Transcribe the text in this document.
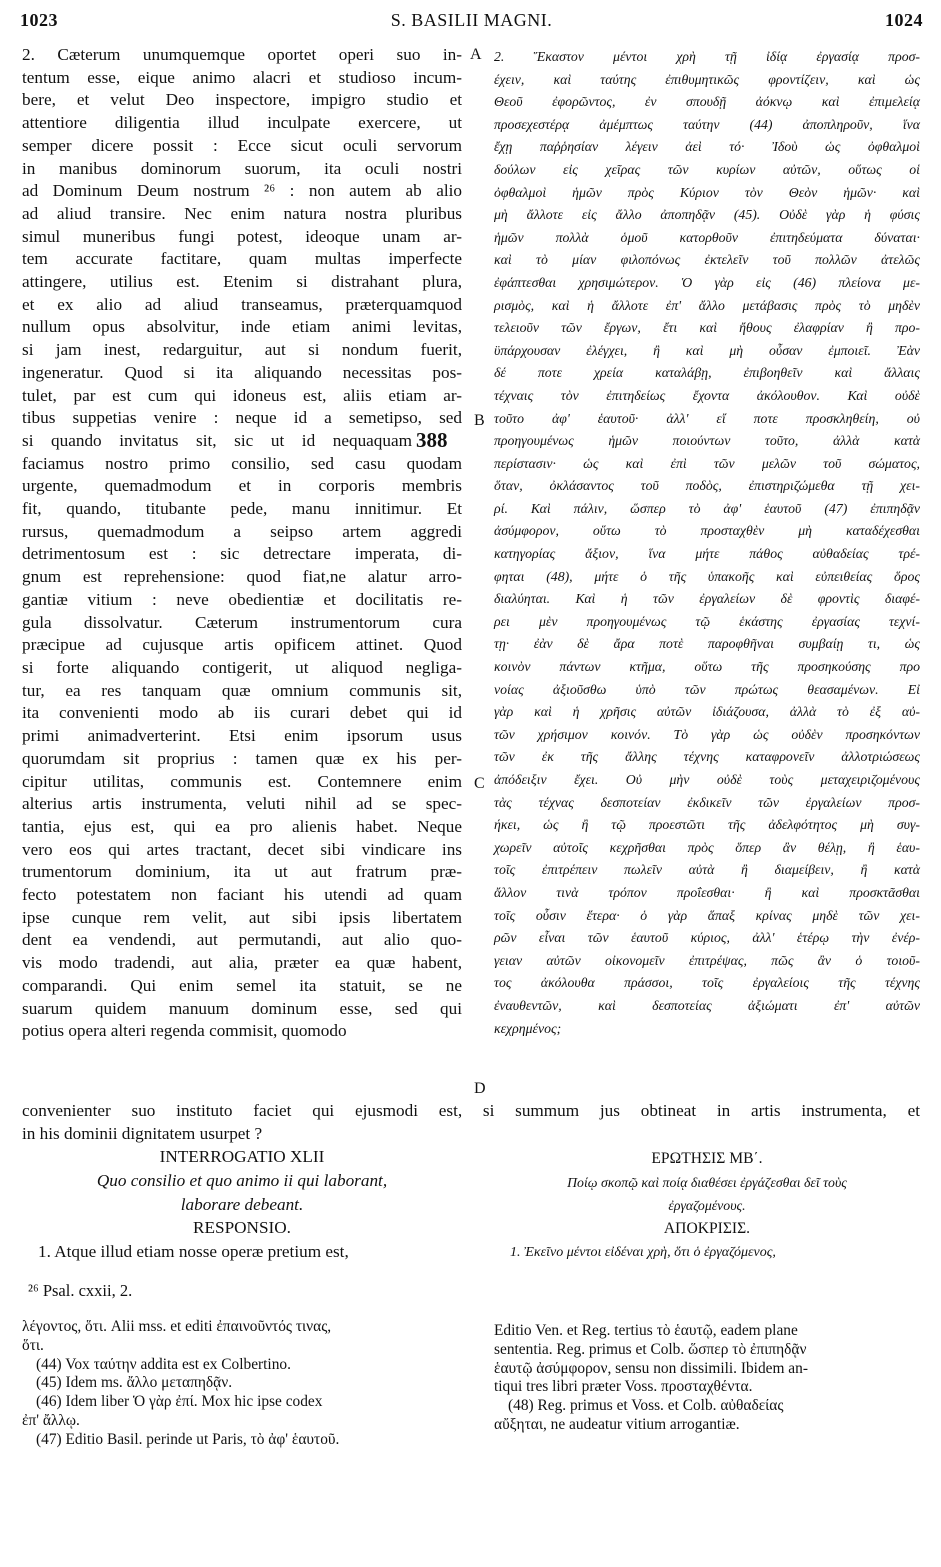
1023	S. BASILII MAGNI.	1024
A
B
C
D
2. Cæterum unumquemque oportet operi suo in-
tentum esse, eique animo alacri et studioso incum-
bere, et velut Deo inspectore, impigro studio et
attentiore diligentia illud inculpate exercere, ut
semper dicere possit : Ecce sicut oculi servorum
in manibus dominorum suorum, ita oculi nostri
ad Dominum Deum nostrum ²⁶ : non autem ab alio
ad aliud transire. Nec enim natura nostra pluribus
simul muneribus fungi potest, ideoque unam ar-
tem accurate factitare, quam multas imperfecte
attingere, utilius est. Etenim si distrahant plura,
et ex alio ad aliud transeamus, præterquamquod
nullum opus absolvitur, inde etiam animi levitas,
si jam inest, redarguitur, aut si nondum fuerit,
ingeneratur. Quod si ita aliquando necessitas pos-
tulet, par est cum qui idoneus est, aliis etiam ar-
tibus suppetias venire : neque id a semetipso, sed
si quando invitatus sit, sic ut id nequaquam
faciamus nostro primo consilio, sed casu quodam
urgente, quemadmodum et in corporis membris
fit, quando, titubante pede, manu innitimur. Et
rursus, quemadmodum a seipso artem aggredi
detrimentosum est : sic detrectare imperata, di-
gnum est reprehensione: quod fiat,ne alatur arro-
gantiæ vitium : neve obedientiæ et docilitatis re-
gula dissolvatur. Cæterum instrumentorum cura
præcipue ad cujusque artis opificem attinet. Quod
si forte aliquando contigerit, ut aliquod negliga-
tur, ea res tanquam quæ omnium communis sit,
ita convenienti modo ab iis curari debet qui id
primi animadverterint. Etsi enim ipsorum usus
quorumdam sit proprius : tamen quæ ex his per-
cipitur utilitas, communis est. Contemnere enim
alterius artis instrumenta, veluti nihil ad se spec-
tantia, ejus est, qui ea pro alienis habet. Neque
vero eos qui artes tractant, decet sibi vindicare ins
trumentorum dominium, ita ut aut fratrum præ-
fecto potestatem non faciant his utendi ad quam
ipse cunque rem velit, aut sibi ipsis libertatem
dent ea vendendi, aut permutandi, aut alio quo-
vis modo tradendi, aut alia, præter ea quæ habent,
comparandi. Qui enim semel ita statuit, se ne
suarum quidem manuum dominum esse, sed qui
potius opera alteri regenda commisit, quomodo
388
2. Ἕκαστον μέντοι χρὴ τῇ ἰδίᾳ ἐργασίᾳ προσ-
έχειν, καὶ ταύτης ἐπιθυμητικῶς φροντίζειν, καὶ ὡς
Θεοῦ ἐφορῶντος, ἐν σπουδῇ ἀόκνῳ καὶ ἐπιμελείᾳ
προσεχεστέρᾳ ἀμέμπτως ταύτην (44) ἀποπληροῦν, ἵνα
ἔχῃ παῤῥησίαν λέγειν ἀεὶ τό· Ἰδοὺ ὡς ὀφθαλμοὶ
δούλων εἰς χεῖρας τῶν κυρίων αὐτῶν, οὕτως οἱ
ὀφθαλμοὶ ἡμῶν πρὸς Κύριον τὸν Θεὸν ἡμῶν· καὶ
μὴ ἄλλοτε εἰς ἄλλο ἀποπηδᾷν (45). Οὐδὲ γὰρ ἡ φύσις
ἡμῶν πολλὰ ὁμοῦ κατορθοῦν ἐπιτηδεύματα δύναται·
καὶ τὸ μίαν φιλοπόνως ἐκτελεῖν τοῦ πολλῶν ἀτελῶς
ἐφάπτεσθαι χρησιμώτερον. Ὁ γὰρ εἰς (46) πλείονα με-
ρισμὸς, καὶ ἡ ἄλλοτε ἐπ' ἄλλο μετάβασις πρὸς τὸ μηδὲν
τελειοῦν τῶν ἔργων, ἔτι καὶ ἤθους ἐλαφρίαν ἢ προ-
ϋπάρχουσαν ἐλέγχει, ἢ καὶ μὴ οὖσαν ἐμποιεῖ. Ἐὰν
δέ ποτε χρεία καταλάβῃ, ἐπιβοηθεῖν καὶ ἄλλαις
τέχναις τὸν ἐπιτηδείως ἔχοντα ἀκόλουθον. Καὶ οὐδὲ
τοῦτο ἀφ' ἑαυτοῦ· ἀλλ' εἴ ποτε προσκληθείη, οὐ
προηγουμένως ἡμῶν ποιούντων τοῦτο, ἀλλὰ κατὰ
περίστασιν· ὡς καὶ ἐπὶ τῶν μελῶν τοῦ σώματος,
ὅταν, ὀκλάσαντος τοῦ ποδὸς, ἐπιστηριζώμεθα τῇ χει-
ρί. Καὶ πάλιν, ὥσπερ τὸ ἀφ' ἑαυτοῦ (47) ἐπιπηδᾷν
ἀσύμφορον, οὕτω τὸ προσταχθὲν μὴ καταδέχεσθαι
κατηγορίας ἄξιον, ἵνα μήτε πάθος αὐθαδείας τρέ-
φηται (48), μήτε ὁ τῆς ὑπακοῆς καὶ εὐπειθείας ὅρος
διαλύηται. Καὶ ἡ τῶν ἐργαλείων δὲ φροντὶς διαφέ-
ρει μὲν προηγουμένως τῷ ἑκάστης ἐργασίας τεχνί-
τῃ· ἐὰν δὲ ἄρα ποτὲ παροφθῆναι συμβαίῃ τι, ὡς
κοινὸν πάντων κτῆμα, οὕτω τῆς προσηκούσης προ
νοίας ἀξιοῦσθω ὑπὸ τῶν πρώτως θεασαμένων. Εἰ
γὰρ καὶ ἡ χρῆσις αὐτῶν ἰδιάζουσα, ἀλλὰ τὸ ἐξ αὐ-
τῶν χρήσιμον κοινόν. Τὸ γὰρ ὡς οὐδὲν προσηκόντων
τῶν ἐκ τῆς ἄλλης τέχνης καταφρονεῖν ἀλλοτριώσεως
ἀπόδειξιν ἔχει. Οὐ μὴν οὐδὲ τοὺς μεταχειριζομένους
τὰς τέχνας δεσποτείαν ἐκδικεῖν τῶν ἐργαλείων προσ-
ήκει, ὡς ἢ τῷ προεστῶτι τῆς ἀδελφότητος μὴ συγ-
χωρεῖν αὐτοῖς κεχρῆσθαι πρὸς ὅπερ ἂν θέλῃ, ἢ ἑαυ-
τοῖς ἐπιτρέπειν πωλεῖν αὐτὰ ἢ διαμείβειν, ἢ κατὰ
ἄλλον τινὰ τρόπον προΐεσθαι· ἢ καὶ προσκτᾶσθαι
τοῖς οὖσιν ἕτερα· ὁ γὰρ ἅπαξ κρίνας μηδὲ τῶν χει-
ρῶν εἶναι τῶν ἑαυτοῦ κύριος, ἀλλ' ἑτέρῳ τὴν ἐνέρ-
γειαν αὐτῶν οἰκονομεῖν ἐπιτρέψας, πῶς ἂν ὁ τοιοῦ-
τος ἀκόλουθα πράσσοι, τοῖς ἐργαλείοις τῆς τέχνης
ἐναυθεντῶν, καὶ δεσποτείας ἀξιώματι ἐπ' αὐτῶν
κεχρημένος;
convenienter suo instituto faciet qui ejusmodi est, si summum jus obtineat in artis instrumenta, et
in his dominii dignitatem usurpet ?
INTERROGATIO XLII
Quo consilio et quo animo ii qui laborant,
laborare debeant.
RESPONSIO.
1. Atque illud etiam nosse operæ pretium est,
ΕΡΩΤΗΣΙΣ ΜΒ΄.
Ποίῳ σκοπῷ καὶ ποίᾳ διαθέσει ἐργάζεσθαι δεῖ τοὺς
ἐργαζομένους.
ΑΠΟΚΡΙΣΙΣ.
1. Ἐκεῖνο μέντοι εἰδέναι χρὴ, ὅτι ὁ ἐργαζόμενος,
²⁶ Psal. cxxii, 2.
λέγοντος, ὅτι. Alii mss. et editi ἐπαινοῦντός τινας,
ὅτι.
(44) Vox ταύτην addita est ex Colbertino.
(45) Idem ms. ἄλλο μεταπηδᾷν.
(46) Idem liber Ὁ γὰρ ἐπί. Mox hic ipse codex
ἐπ' ἄλλῳ.
(47) Editio Basil. perinde ut Paris, τὸ ἀφ' ἑαυτοῦ.
Editio Ven. et Reg. tertius τὸ ἑαυτῷ, eadem plane
sententia. Reg. primus et Colb. ὥσπερ τὸ ἐπιπηδᾷν
ἑαυτῷ ἀσύμφορον, sensu non dissimili. Ibidem an-
tiqui tres libri præter Voss. προσταχθέντα.
(48) Reg. primus et Voss. et Colb. αὐθαδείας
αὔξηται, ne audeatur vitium arrogantiæ.
